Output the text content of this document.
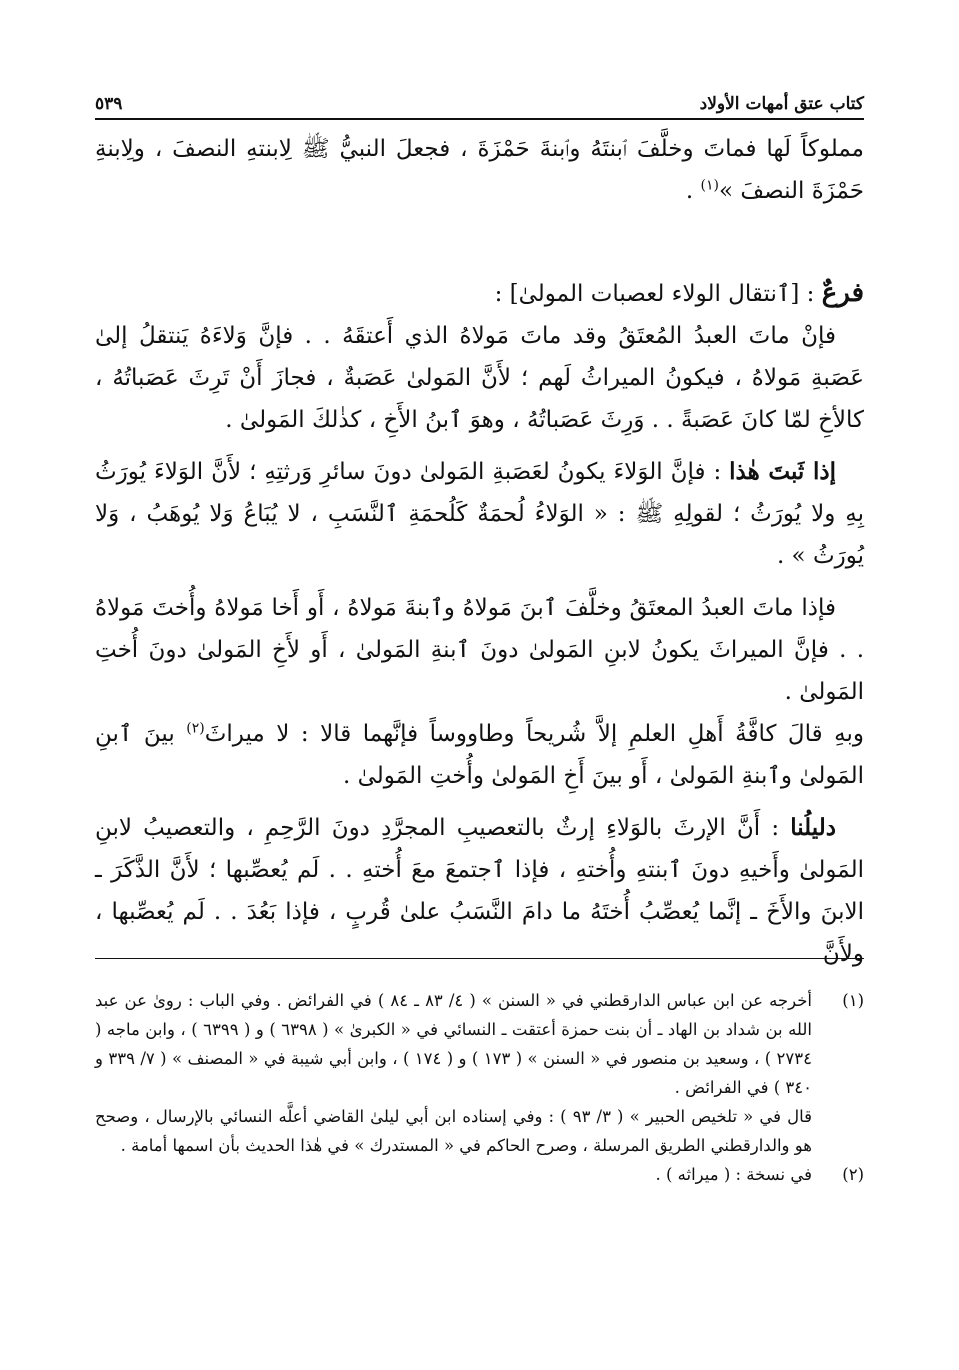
كتاب عتق أمهات الأولاد
٥٣٩

مملوكاً لَها فماتَ وخلَّفَ ٱبنتَهُ وٱبنةَ حَمْزَةَ ، فجعلَ النبيُّ ﷺ لِابنتهِ النصفَ ، ولِابنةِ حَمْزَةَ النصفَ »$^{(١)}$ .

فرعٌ : [ٱنتقال الولاء لعصبات المولىٰ] :

فإنْ ماتَ العبدُ المُعتَقُ وقد ماتَ مَولاهُ الذي أَعتقَهُ . . فإنَّ وَلاءَهُ يَنتقلُ إلىٰ عَصَبةِ مَولاهُ ، فيكونُ الميراثُ لَهم ؛ لأَنَّ المَولىٰ عَصَبةٌ ، فجازَ أَنْ تَرِثَ عَصَباتُهُ ، كالأخِ لمّا كانَ عَصَبةً . . وَرِثَ عَصَباتُهُ ، وهوَ ٱبنُ الأَخِ ، كذٰلكَ المَولىٰ .

إذا ثَبتَ هٰذا : فإنَّ الوَلاءَ يكونُ لعَصَبةِ المَولىٰ دونَ سائرِ وَرثتِهِ ؛ لأَنَّ الوَلاءَ يُورَثُ بِهِ ولا يُورَثُ ؛ لقولِهِ ﷺ : « الوَلاءُ لُحمَةٌ كَلُحمَةِ ٱلنَّسَبِ ، لا يُبَاعُ وَلا يُوهَبُ ، وَلا يُورَثُ » .

فإذا ماتَ العبدُ المعتَقُ وخلَّفَ ٱبنَ مَولاهُ وٱبنةَ مَولاهُ ، أَو أَخا مَولاهُ وأُختَ مَولاهُ . . فإنَّ الميراثَ يكونُ لابنِ المَولىٰ دونَ ٱبنةِ المَولىٰ ، أَو لأَخِ المَولىٰ دونَ أُختِ المَولىٰ .

وبهِ قالَ كافَّةُ أَهلِ العلمِ إلاَّ شُريحاً وطاووساً فإنَّهما قالا : لا ميراثَ$^{(٢)}$ بينَ ٱبنِ المَولىٰ وٱبنةِ المَولىٰ ، أَو بينَ أَخِ المَولىٰ وأُختِ المَولىٰ .

دليلُنا : أَنَّ الإرثَ بالوَلاءِ إرثٌ بالتعصيبِ المجرَّدِ دونَ الرَّحِمِ ، والتعصيبُ لابنِ المَولىٰ وأَخيهِ دونَ ٱبنتهِ وأُختهِ ، فإذا ٱجتمعَ معَ أُختهِ . . لَم يُعصِّبها ؛ لأَنَّ الذَّكَرَ ـ الابنَ والأَخَ ـ إنَّما يُعصِّبُ أُختَهُ ما دامَ النَّسَبُ علىٰ قُربٍ ، فإذا بَعُدَ . . لَم يُعصِّبها ، ولأَنَّ

(١)

أخرجه عن ابن عباس الدارقطني في « السنن » ( ٤/ ٨٣ ـ ٨٤ ) في الفرائض . وفي الباب : روىٰ عن عبد الله بن شداد بن الهاد ـ أن بنت حمزة أعتقت ـ النسائي في « الكبرىٰ » ( ٦٣٩٨ ) و ( ٦٣٩٩ ) ، وابن ماجه ( ٢٧٣٤ ) ، وسعيد بن منصور في « السنن » ( ١٧٣ ) و ( ١٧٤ ) ، وابن أبي شيبة في « المصنف » ( ٧/ ٣٣٩ و ٣٤٠ ) في الفرائض .

قال في « تلخيص الحبير » ( ٣/ ٩٣ ) : وفي إسناده ابن أبي ليلىٰ القاضي أعلَّه النسائي بالإرسال ، وصحح هو والدارقطني الطريق المرسلة ، وصرح الحاكم في « المستدرك » في هٰذا الحديث بأن اسمها أمامة .

(٢)

في نسخة : ( ميراثه ) .
